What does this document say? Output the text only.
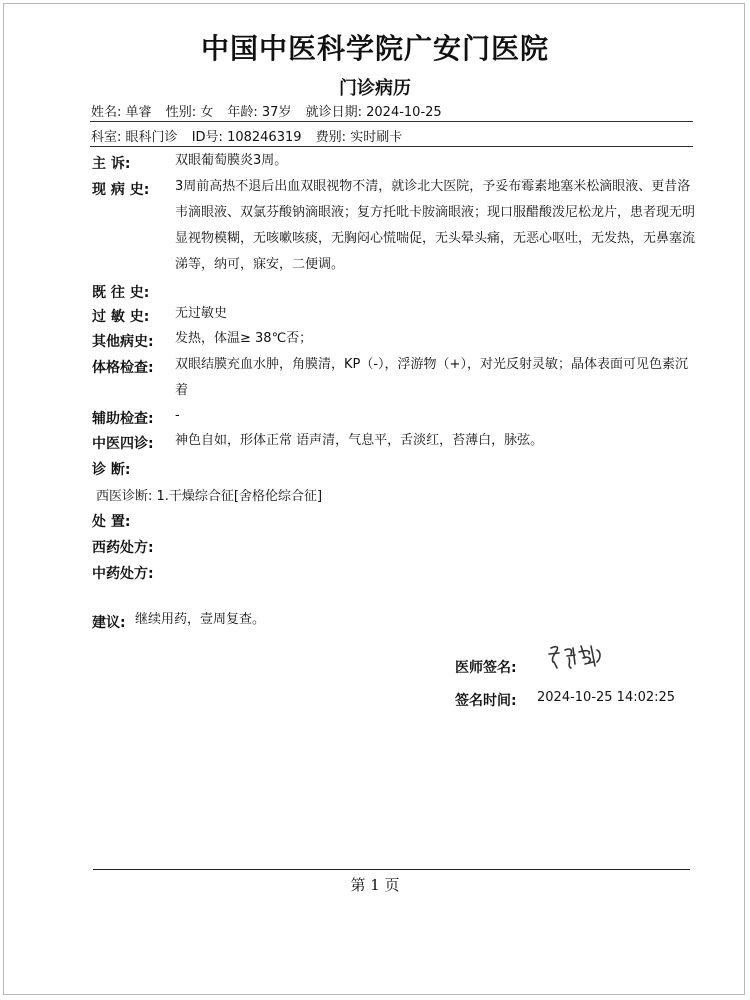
中国中医科学院广安门医院
门诊病历
姓名: 单睿 性别: 女 年龄: 37岁 就诊日期: 2024-10-25
科室: 眼科门诊 ID号: 108246319 费别: 实时刷卡
主 诉:	双眼葡萄膜炎3周。
现 病 史: 3周前高热不退后出血双眼视物不清，就诊北大医院，予妥布霉素地塞米松滴眼液、更昔洛韦滴眼液、双氯芬酸钠滴眼液；复方托吡卡胺滴眼液；现口服醋酸泼尼松龙片，患者现无明显视物模糊，无咳嗽咳痰，无胸闷心慌喘促，无头晕头痛，无恶心呕吐，无发热，无鼻塞流涕等，纳可，寐安，二便调。
既 往 史:
过 敏 史: 无过敏史
其他病史: 发热，体温≥ 38℃否；
体格检查: 双眼结膜充血水肿，角膜清，KP（-），浮游物（+），对光反射灵敏；晶体表面可见色素沉着
辅助检查: -
中医四诊: 神色自如，形体正常 语声清，气息平，舌淡红，苔薄白，脉弦。
诊 断:
西医诊断: 1.干燥综合征[舍格伦综合征]
处 置:
西药处方:
中药处方:
建议: 继续用药，壹周复查。
医师签名:
签名时间: 2024-10-25 14:02:25
第 1 页
